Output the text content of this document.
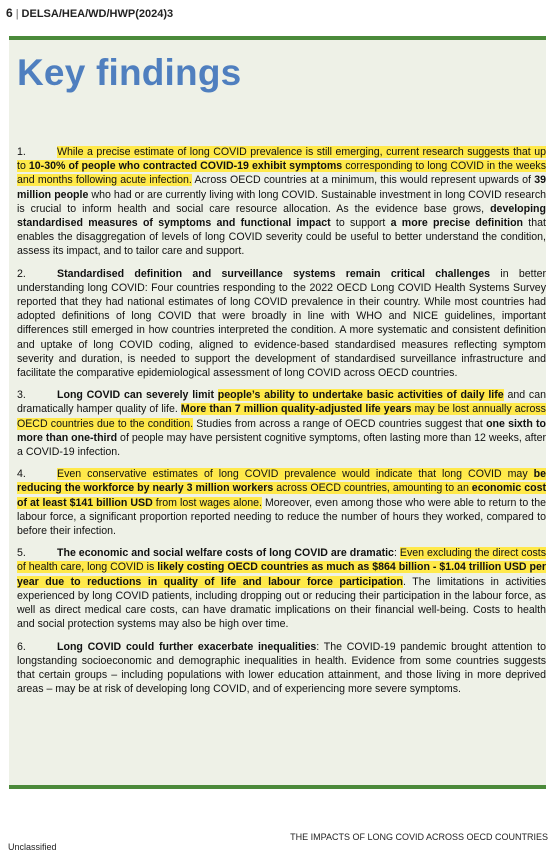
6 | DELSA/HEA/WD/HWP(2024)3
Key findings

1.	While a precise estimate of long COVID prevalence is still emerging, current research suggests that up to 10-30% of people who contracted COVID-19 exhibit symptoms corresponding to long COVID in the weeks and months following acute infection. Across OECD countries at a minimum, this would represent upwards of 39 million people who had or are currently living with long COVID. Sustainable investment in long COVID research is crucial to inform health and social care resource allocation. As the evidence base grows, developing standardised measures of symptoms and functional impact to support a more precise definition that enables the disaggregation of levels of long COVID severity could be useful to better understand the condition, assess its impact, and to tailor care and support.

2.	Standardised definition and surveillance systems remain critical challenges in better understanding long COVID: Four countries responding to the 2022 OECD Long COVID Health Systems Survey reported that they had national estimates of long COVID prevalence in their country. While most countries had adopted definitions of long COVID that were broadly in line with WHO and NICE guidelines, important differences still emerged in how countries interpreted the condition. A more systematic and consistent definition and uptake of long COVID coding, aligned to evidence-based standardised measures reflecting symptom severity and duration, is needed to support the development of standardised surveillance infrastructure and facilitate the comparative epidemiological assessment of long COVID across OECD countries.

3.	Long COVID can severely limit people’s ability to undertake basic activities of daily life and can dramatically hamper quality of life. More than 7 million quality-adjusted life years may be lost annually across OECD countries due to the condition. Studies from across a range of OECD countries suggest that one sixth to more than one-third of people may have persistent cognitive symptoms, often lasting more than 12 weeks, after a COVID-19 infection.

4.	Even conservative estimates of long COVID prevalence would indicate that long COVID may be reducing the workforce by nearly 3 million workers across OECD countries, amounting to an economic cost of at least $141 billion USD from lost wages alone. Moreover, even among those who were able to return to the labour force, a significant proportion reported needing to reduce the number of hours they worked, compared to before their infection.

5.	The economic and social welfare costs of long COVID are dramatic: Even excluding the direct costs of health care, long COVID is likely costing OECD countries as much as $864 billion - $1.04 trillion USD per year due to reductions in quality of life and labour force participation. The limitations in activities experienced by long COVID patients, including dropping out or reducing their participation in the labour force, as well as direct medical care costs, can have dramatic implications on their financial well-being. Costs to health and social protection systems may also be high over time.

6.	Long COVID could further exacerbate inequalities: The COVID-19 pandemic brought attention to longstanding socioeconomic and demographic inequalities in health. Evidence from some countries suggests that certain groups – including populations with lower education attainment, and those living in more deprived areas – may be at risk of developing long COVID, and of experiencing more severe symptoms.

THE IMPACTS OF LONG COVID ACROSS OECD COUNTRIES
Unclassified
